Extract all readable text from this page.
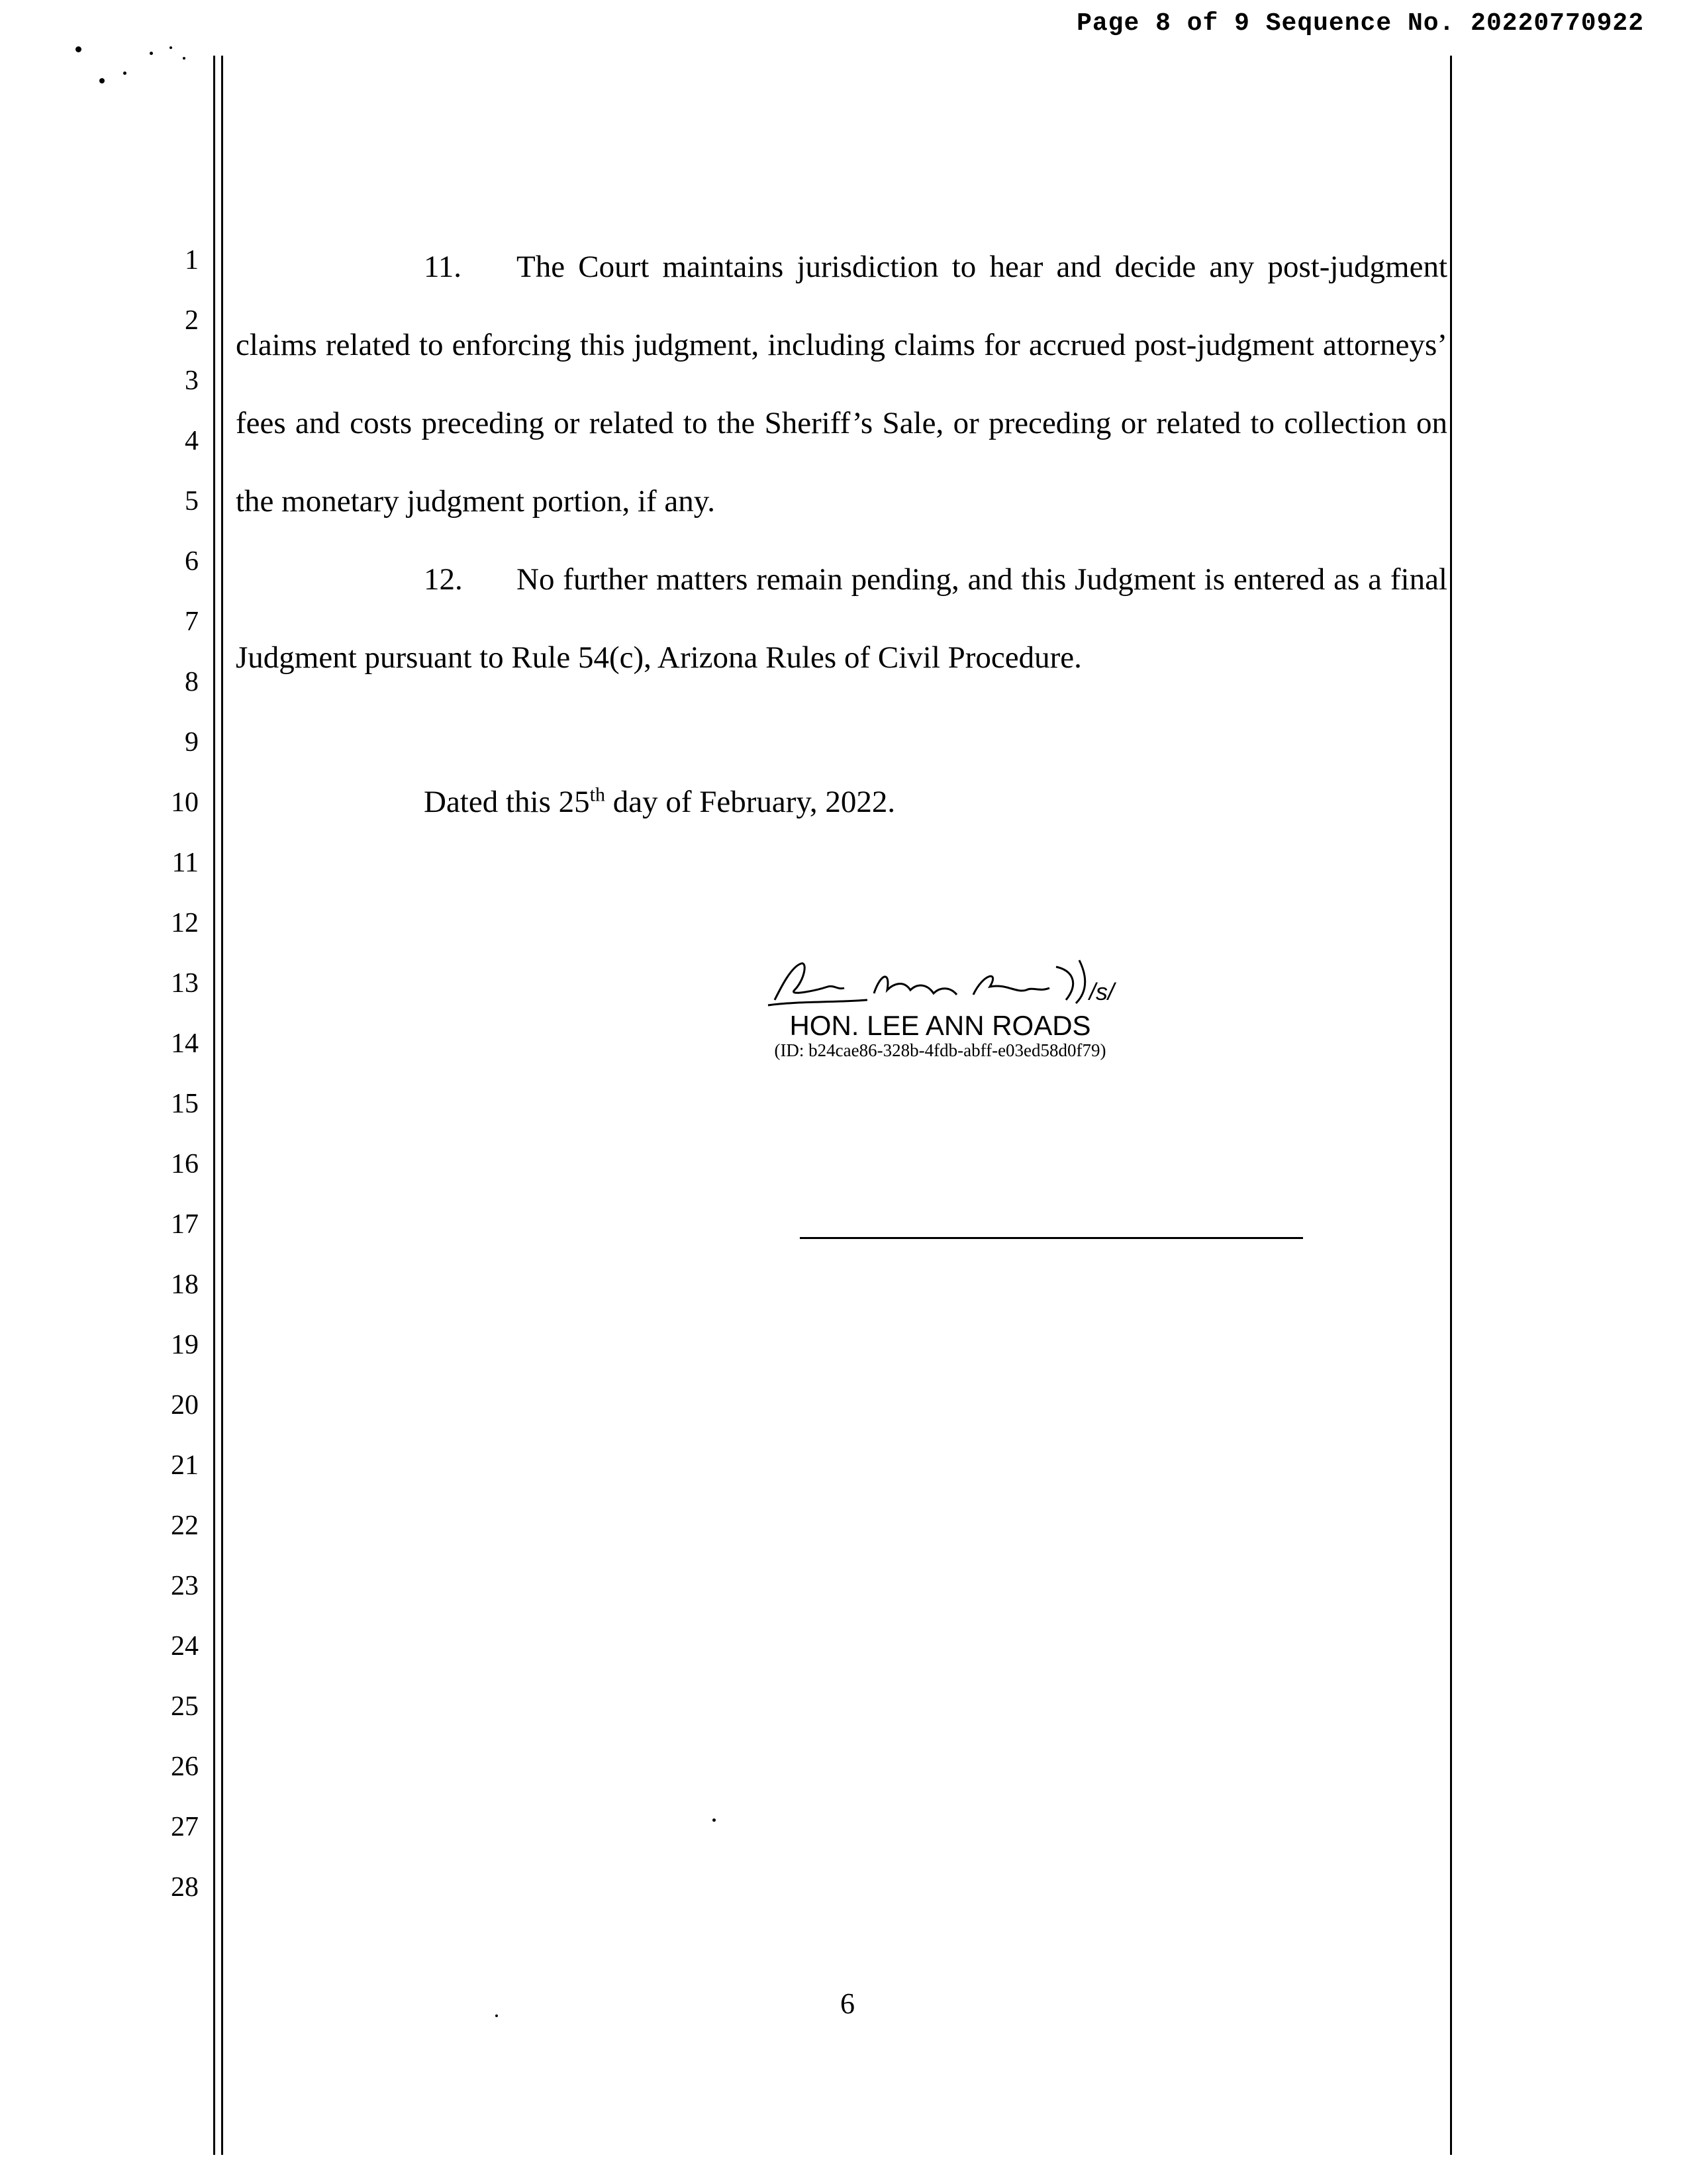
Page 8 of 9 Sequence No. 20220770922
1
2
3
4
5
6
7
8
9
10
11
12
13
14
15
16
17
18
19
20
21
22
23
24
25
26
27
28

11. The Court maintains jurisdiction to hear and decide any post-judgment claims related to enforcing this judgment, including claims for accrued post-judgment attorneys’ fees and costs preceding or related to the Sheriff’s Sale, or preceding or related to collection on the monetary judgment portion, if any.

12. No further matters remain pending, and this Judgment is entered as a final Judgment pursuant to Rule 54(c), Arizona Rules of Civil Procedure.

Dated this 25th day of February, 2022.
/s/
HON. LEE ANN ROADS
(ID: b24cae86-328b-4fdb-abff-e03ed58d0f79)
6
